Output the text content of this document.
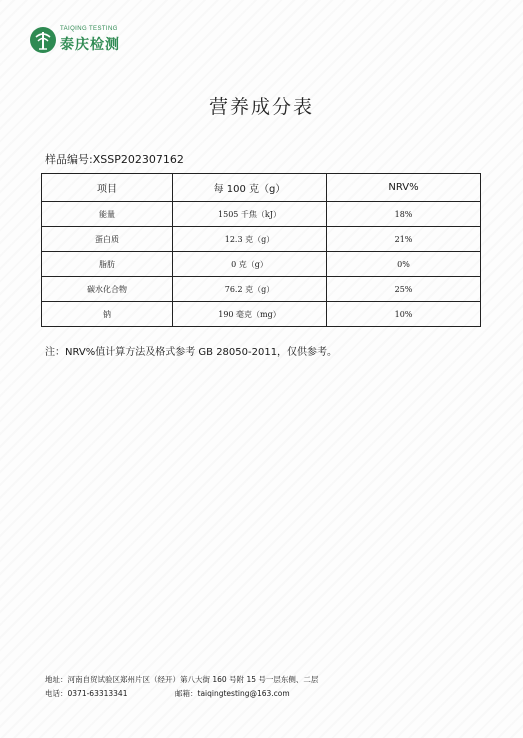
TAIQING TESTING
泰庆检测
营养成分表
样品编号:XSSP202307162
项目	每 100 克（g）	NRV%
能量	1505 千焦（kJ）	18%
蛋白质	12.3 克（g）	21%
脂肪	0 克（g）	0%
碳水化合物	76.2 克（g）	25%
钠	190 毫克（mg）	10%
注：NRV%值计算方法及格式参考 GB 28050-2011，仅供参考。
地址：河南自贸试验区郑州片区（经开）第八大街 160 号附 15 号一层东侧、二层
电话：0371-63313341	邮箱：taiqingtesting@163.com
